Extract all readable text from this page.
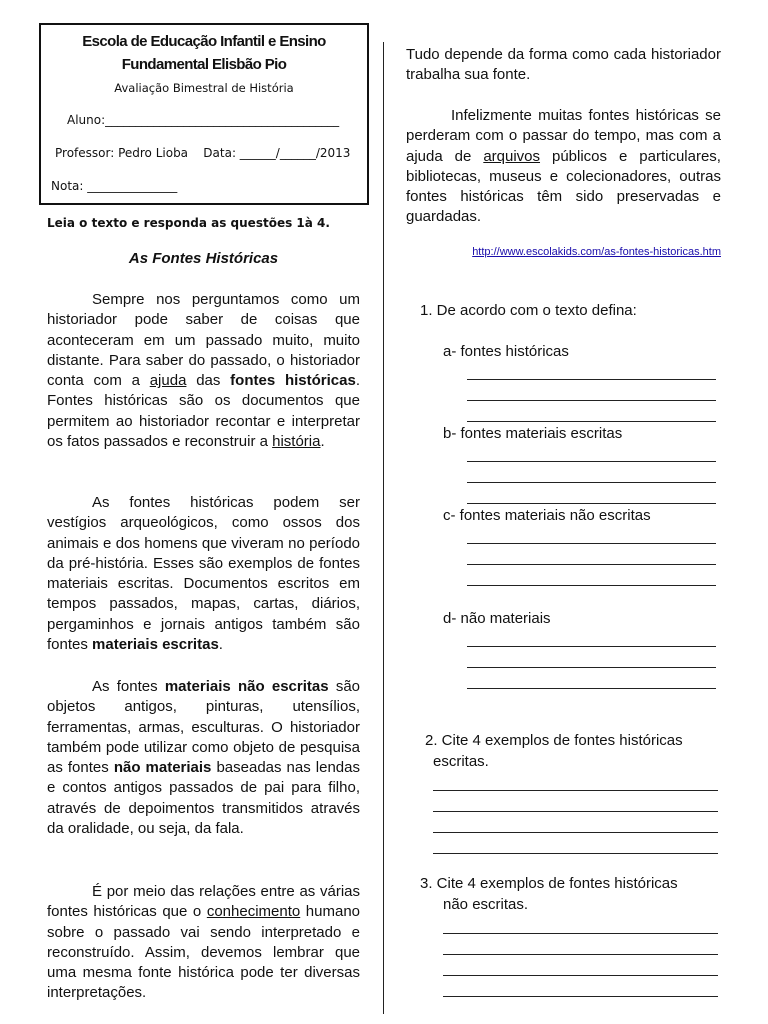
Escola de Educação Infantil e Ensino
Fundamental Elisbão Pio
Avaliação Bimestral de História
Aluno:_______________________________________
Professor: Pedro Lioba    Data: ______/______/2013
Nota: _______________
Leia o texto e responda as questões 1à 4.
As Fontes Históricas

Sempre nos perguntamos como um historiador pode saber de coisas que aconteceram em um passado muito, muito distante. Para saber do passado, o historiador conta com a ajuda das fontes históricas. Fontes históricas são os documentos que permitem ao historiador recontar e interpretar os fatos passados e reconstruir a história.

As fontes históricas podem ser vestígios arqueológicos, como ossos dos animais e dos homens que viveram no período da pré-história. Esses são exemplos de fontes materiais escritas. Documentos escritos em tempos passados, mapas, cartas, diários, pergaminhos e jornais antigos também são fontes materiais escritas.

As fontes materiais não escritas são objetos antigos, pinturas, utensílios, ferramentas, armas, esculturas. O historiador também pode utilizar como objeto de pesquisa as fontes não materiais baseadas nas lendas e contos antigos passados de pai para filho, através de depoimentos transmitidos através da oralidade, ou seja, da fala.

É por meio das relações entre as várias fontes históricas que o conhecimento humano sobre o passado vai sendo interpretado e reconstruído. Assim, devemos lembrar que uma mesma fonte histórica pode ter diversas interpretações.

Tudo depende da forma como cada historiador trabalha sua fonte.

Infelizmente muitas fontes históricas se perderam com o passar do tempo, mas com a ajuda de arquivos públicos e particulares, bibliotecas, museus e colecionadores, outras fontes históricas têm sido preservadas e guardadas.

http://www.escolakids.com/as-fontes-historicas.htm
1. De acordo com o texto defina:
a- fontes históricas
b- fontes materiais escritas
c- fontes materiais não escritas
d- não materiais
2. Cite 4 exemplos de fontes históricas
escritas.
3. Cite 4 exemplos de fontes históricas
não escritas.
